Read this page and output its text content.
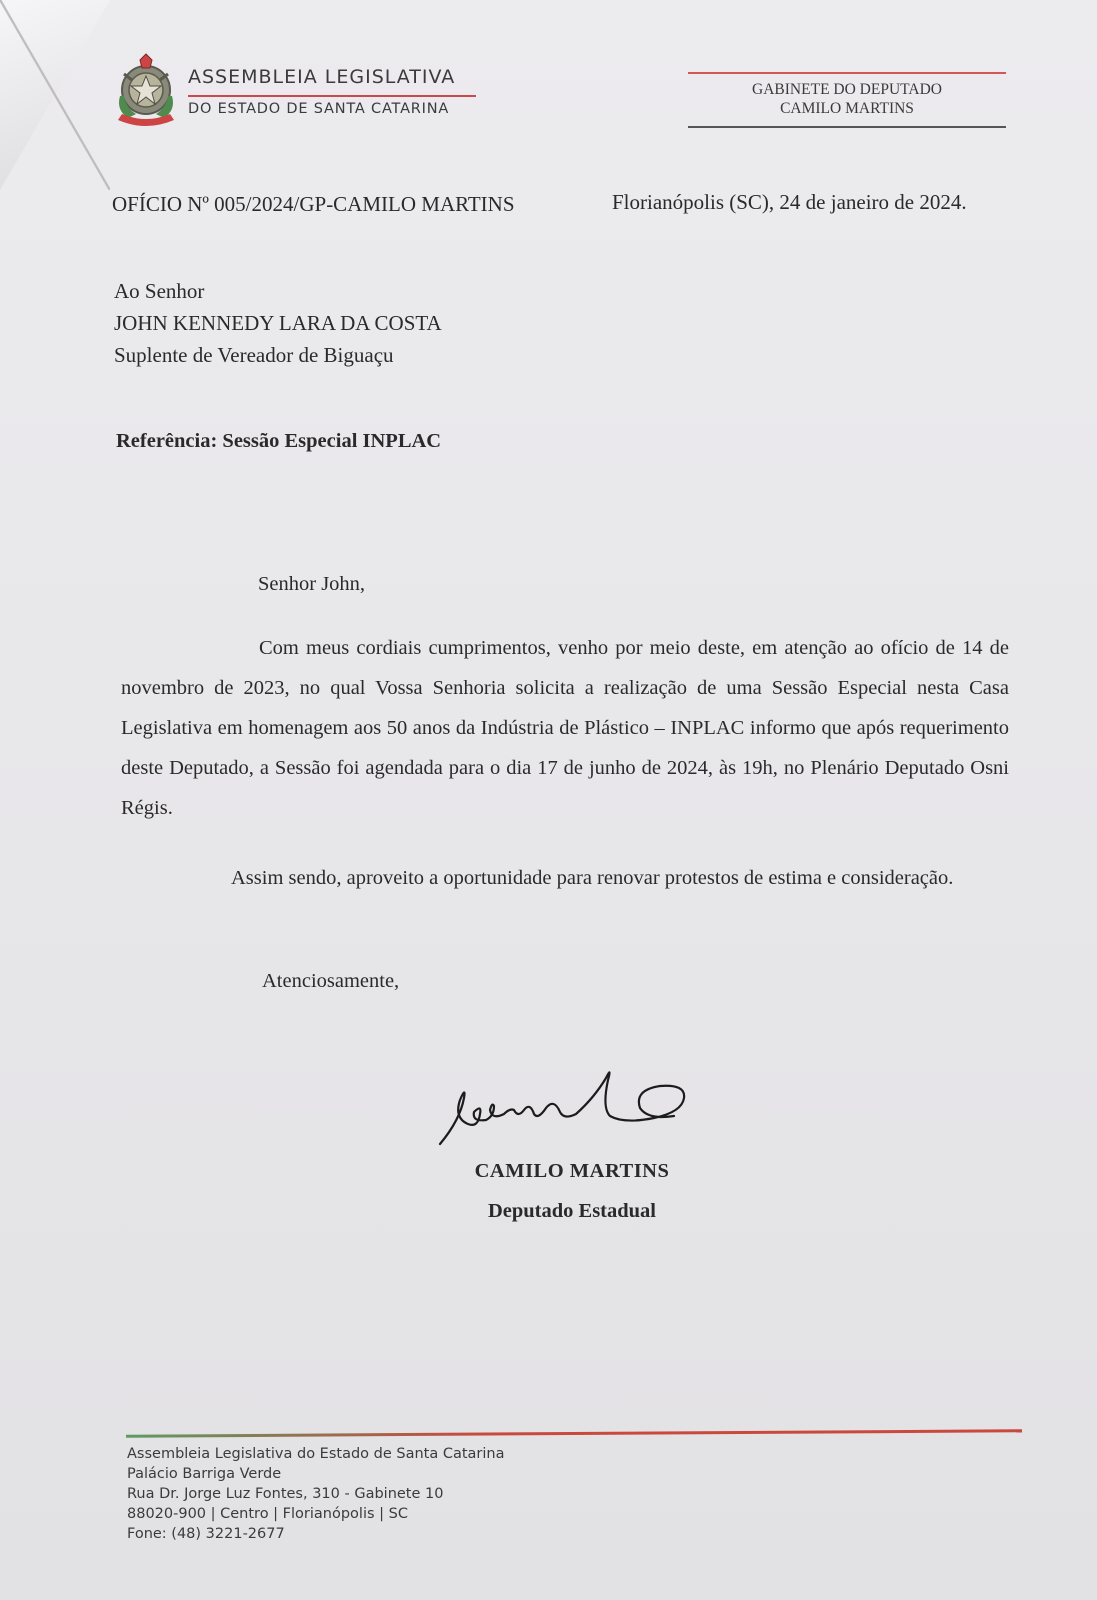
ASSEMBLEIA LEGISLATIVA
DO ESTADO DE SANTA CATARINA
GABINETE DO DEPUTADO
CAMILO MARTINS
OFÍCIO Nº 005/2024/GP-CAMILO MARTINS	Florianópolis (SC), 24 de janeiro de 2024.
Ao Senhor
JOHN KENNEDY LARA DA COSTA
Suplente de Vereador de Biguaçu
Referência: Sessão Especial INPLAC
Senhor John,
Com meus cordiais cumprimentos, venho por meio deste, em atenção ao ofício de 14 de novembro de 2023, no qual Vossa Senhoria solicita a realização de uma Sessão Especial nesta Casa Legislativa em homenagem aos 50 anos da Indústria de Plástico – INPLAC informo que após requerimento deste Deputado, a Sessão foi agendada para o dia 17 de junho de 2024, às 19h, no Plenário Deputado Osni Régis.
Assim sendo, aproveito a oportunidade para renovar protestos de estima e consideração.
Atenciosamente,
CAMILO MARTINS
Deputado Estadual
Assembleia Legislativa do Estado de Santa Catarina
Palácio Barriga Verde
Rua Dr. Jorge Luz Fontes, 310 - Gabinete 10
88020-900 | Centro | Florianópolis | SC
Fone: (48) 3221-2677
